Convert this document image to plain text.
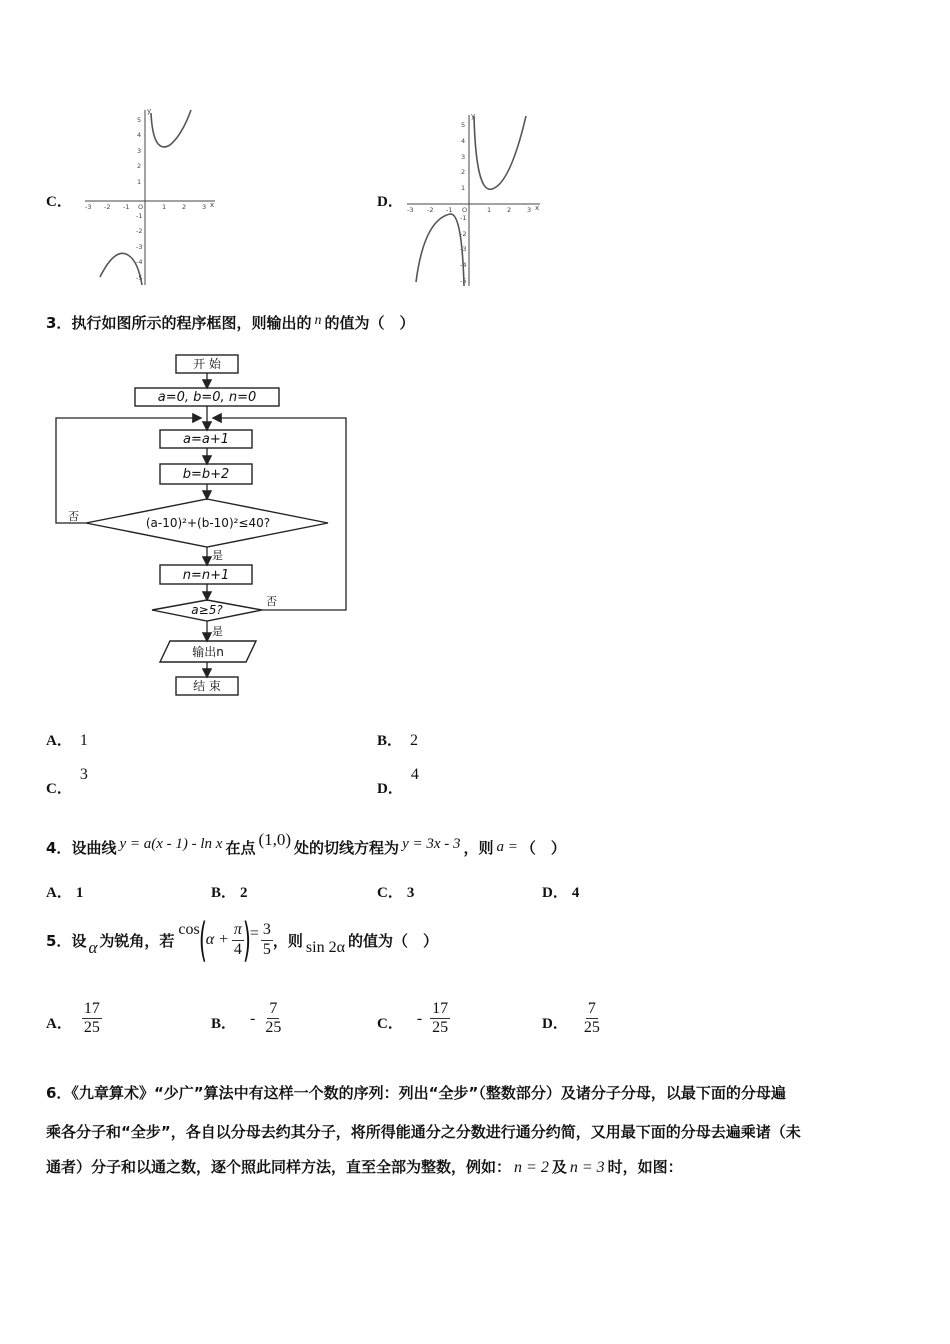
C．	x
y
-3 -2 -1 O	1 2 3
5
4
3
2
1
-1
-2
-3
-4
-5
D．	x
y
-3 -2 -1 O	1 2 3
5
4
3
2
1
-1
-2
-3
-4
-5
3．执行如图所示的程序框图，则输出的 n 的值为（　）
开 始
a=0, b=0, n=0
a=a+1
b=b+2
(a-10)²+(b-10)²≤40?
n=n+1
a≥5?
输出n
结 束
否
是
否
是
A． 1	B． 2
C．3
D．4
4．设曲线 y = a(x - 1) - ln x 在点 (1,0) 处的切线方程为 y = 3x - 3 ，则 a = （　）
A． 1	B． 2	C． 3	D． 4
5． 设 α 为锐角，若
cos
(
$\alpha + \frac{\pi}{4}$
)
= $\frac{3}{5}$ ，则 sin 2α 的值为（　）
A． $\frac{17}{25}$	B． - $\frac{7}{25}$	C． - $\frac{17}{25}$	D． $\frac{7}{25}$
6．《九章算术》“少广”算法中有这样一个数的序列：列出“全步”（整数部分）及诸分子分母，以最下面的分母遍
乘各分子和“全步”，各自以分母去约其分子，将所得能通分之分数进行通分约简，又用最下面的分母去遍乘诸（未
通者）分子和以通之数，逐个照此同样方法，直至全部为整数，例如： n = 2 及 n = 3 时，如图：
